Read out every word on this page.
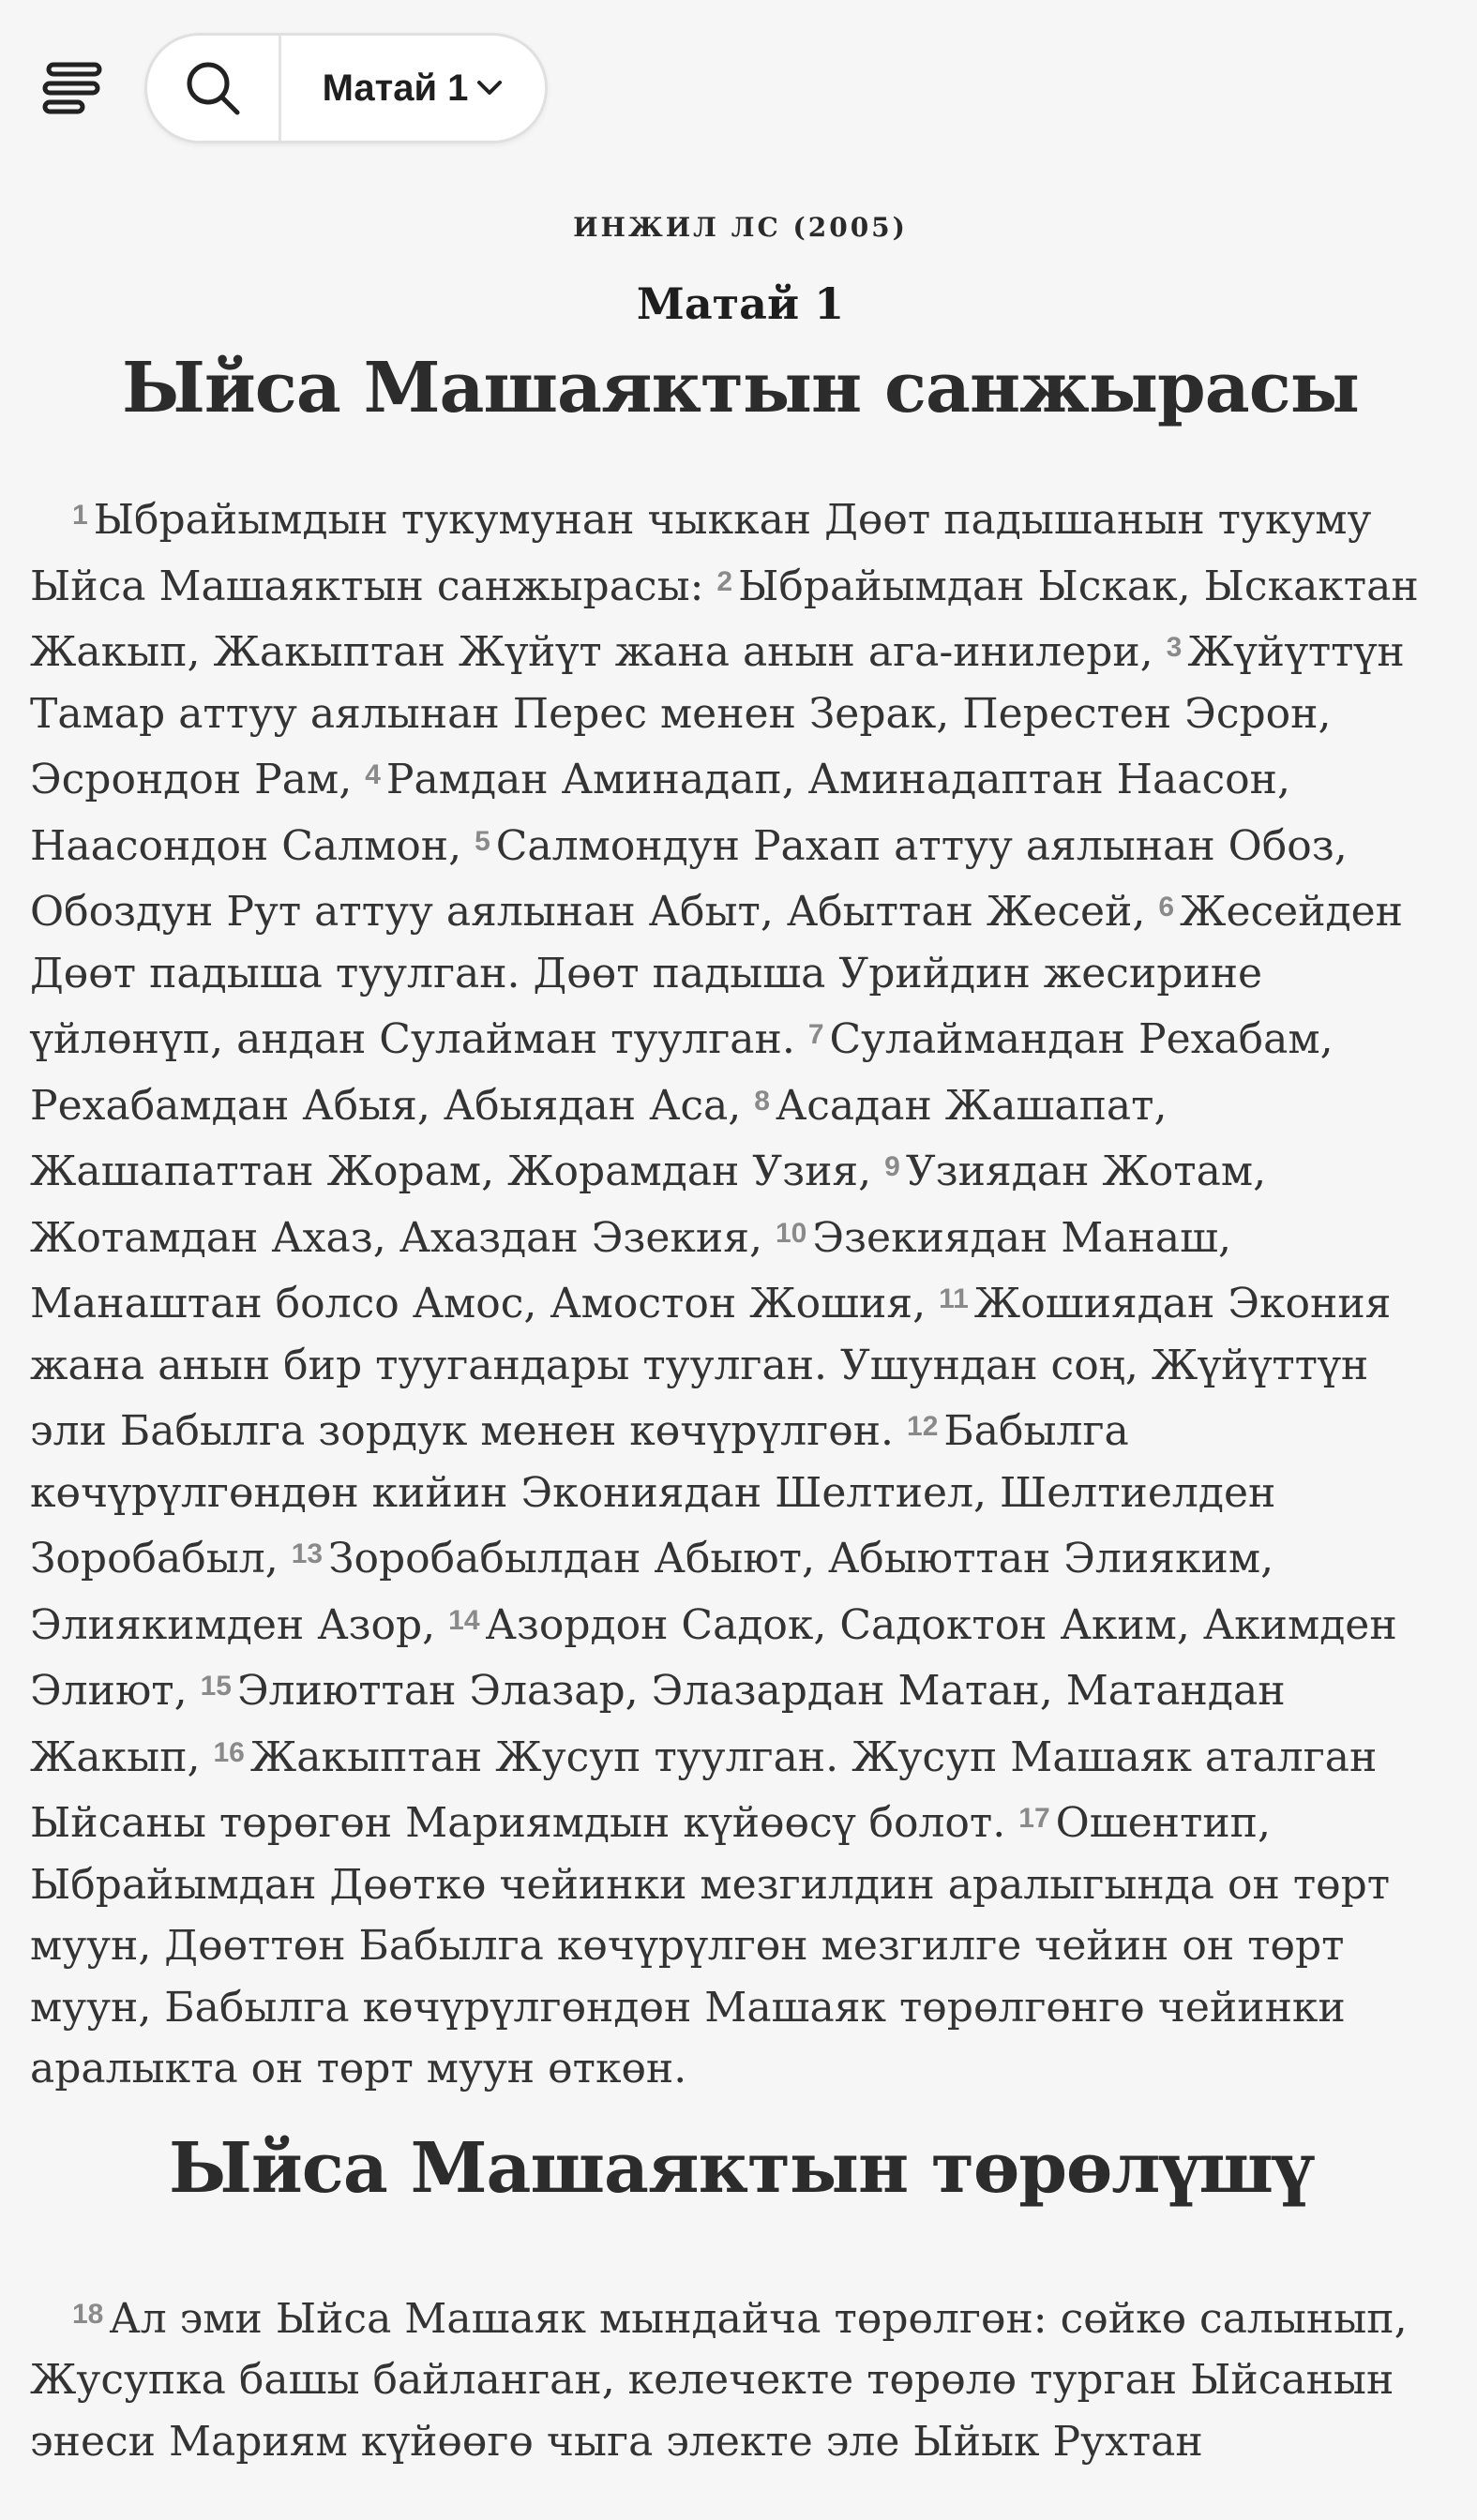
Матай 1
ИНЖИЛ ЛС (2005)
Матай 1
Ыйса Машаяктын санжырасы

$^1$ Ыбрайымдын тукумунан чыккан Дөөт падышанын тукуму Ыйса Машаяктын санжырасы: $^2$ Ыбрайымдан Ыскак, Ыскактан Жакып, Жакыптан Жүйүт жана анын ага-инилери, $^3$ Жүйүттүн Тамар аттуу аялынан Перес менен Зерак, Перестен Эсрон, Эсрондон Рам, $^4$ Рамдан Аминадап, Аминадаптан Наасон, Наасондон Салмон, $^5$ Салмондун Рахап аттуу аялынан Обоз, Обоздун Рут аттуу аялынан Абыт, Абыттан Жесей, $^6$ Жесейден Дөөт падыша туулган. Дөөт падыша Урийдин жесирине үйлөнүп, андан Сулайман туулган. $^7$ Сулаймандан Рехабам, Рехабамдан Абыя, Абыядан Аса, $^8$ Асадан Жашапат, Жашапаттан Жорам, Жорамдан Узия, $^9$ Узиядан Жотам, Жотамдан Ахаз, Ахаздан Эзекия, $^{10}$ Эзекиядан Манаш, Манаштан болсо Амос, Амостон Жошия, $^{11}$ Жошиядан Экония жана анын бир туугандары туулган. Ушундан соң, Жүйүттүн эли Бабылга зордук менен көчүрүлгөн. $^{12}$ Бабылга көчүрүлгөндөн кийин Экониядан Шелтиел, Шелтиелден Зоробабыл, $^{13}$ Зоробабылдан Абыют, Абыюттан Элияким, Элиякимден Азор, $^{14}$ Азордон Садок, Садоктон Аким, Акимден Элиют, $^{15}$ Элиюттан Элазар, Элазардан Матан, Матандан Жакып, $^{16}$ Жакыптан Жусуп туулган. Жусуп Машаяк аталган Ыйсаны төрөгөн Мариямдын күйөөсү болот. $^{17}$ Ошентип, Ыбрайымдан Дөөткө чейинки мезгилдин аралыгында он төрт муун, Дөөттөн Бабылга көчүрүлгөн мезгилге чейин он төрт муун, Бабылга көчүрүлгөндөн Машаяк төрөлгөнгө чейинки аралыкта он төрт муун өткөн.

Ыйса Машаяктын төрөлүшү

$^{18}$ Ал эми Ыйса Машаяк мындайча төрөлгөн: сөйкө салынып, Жусупка башы байланган, келечекте төрөлө турган Ыйсанын энеси Мариям күйөөгө чыга электе эле Ыйык Рухтан
